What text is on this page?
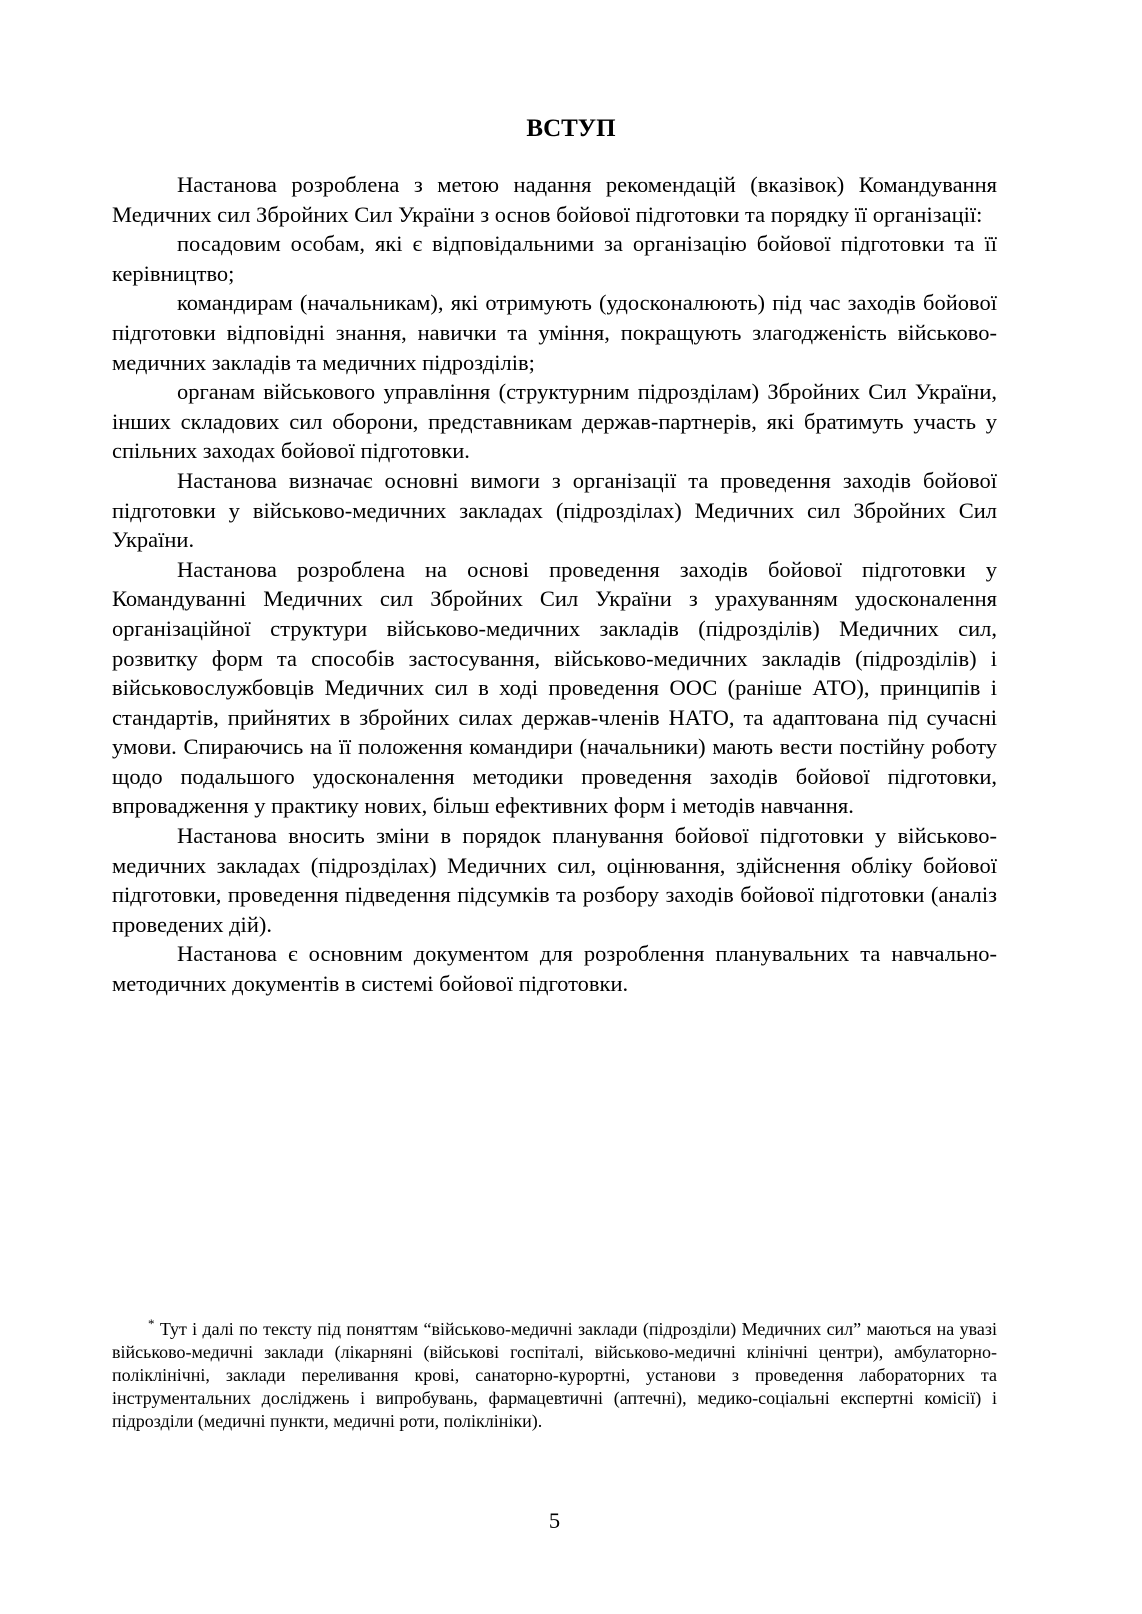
ВСТУП

Настанова розроблена з метою надання рекомендацій (вказівок) Командування Медичних сил Збройних Сил України з основ бойової підготовки та порядку її організації:

посадовим особам, які є відповідальними за організацію бойової підготовки та її керівництво;

командирам (начальникам), які отримують (удосконалюють) під час заходів бойової підготовки відповідні знання, навички та уміння, покращують злагодженість військово-медичних закладів та медичних підрозділів;

органам військового управління (структурним підрозділам) Збройних Сил України, інших складових сил оборони, представникам держав-партнерів, які братимуть участь у спільних заходах бойової підготовки.

Настанова визначає основні вимоги з організації та проведення заходів бойової підготовки у військово-медичних закладах (підрозділах) Медичних сил Збройних Сил України.

Настанова розроблена на основі проведення заходів бойової підготовки у Командуванні Медичних сил Збройних Сил України з урахуванням удосконалення організаційної структури військово-медичних закладів (підрозділів) Медичних сил, розвитку форм та способів застосування, військово-медичних закладів (підрозділів) і військовослужбовців Медичних сил в ході проведення ООС (раніше АТО), принципів і стандартів, прийнятих в збройних силах держав-членів НАТО, та адаптована під сучасні умови. Спираючись на її положення командири (начальники) мають вести постійну роботу щодо подальшого удосконалення методики проведення заходів бойової підготовки, впровадження у практику нових, більш ефективних форм і методів навчання.

Настанова вносить зміни в порядок планування бойової підготовки у військово-медичних закладах (підрозділах) Медичних сил, оцінювання, здійснення обліку бойової підготовки, проведення підведення підсумків та розбору заходів бойової підготовки (аналіз проведених дій).

Настанова є основним документом для розроблення планувальних та навчально-методичних документів в системі бойової підготовки.

* Тут і далі по тексту під поняттям “військово-медичні заклади (підрозділи) Медичних сил” маються на увазі військово-медичні заклади (лікарняні (військові госпіталі, військово-медичні клінічні центри), амбулаторно-поліклінічні, заклади переливання крові, санаторно-курортні, установи з проведення лабораторних та інструментальних досліджень і випробувань, фармацевтичні (аптечні), медико-соціальні експертні комісії) і підрозділи (медичні пункти, медичні роти, поліклініки).

5
